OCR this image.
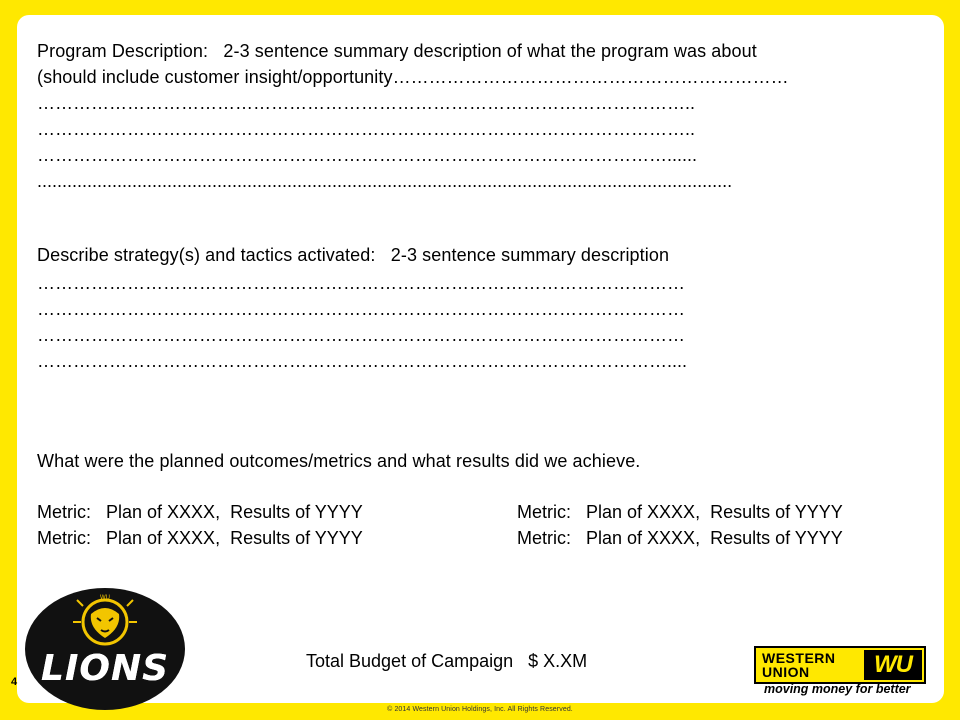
Program Description: 2-3 sentence summary description of what the program was about

(should include customer insight/opportunity…………………………………………………………

………………………………………………………………………………………………..

………………………………………………………………………………………………..

……………………………………………………………………………………………......

...........................................................................................................................................

Describe strategy(s) and tactics activated: 2-3 sentence summary description

………………………………………………………………………………………………

………………………………………………………………………………………………

………………………………………………………………………………………………

……………………………………………………………………………………………....

What were the planned outcomes/metrics and what results did we achieve.

Metric:   Plan of XXXX,  Results of YYYY	Metric:   Plan of XXXX,  Results of YYYY
Metric:   Plan of XXXX,  Results of YYYY	Metric:   Plan of XXXX,  Results of YYYY
Total Budget of Campaign   $ X.XM
WU
LIONS
4
WESTERN
UNION	WU
moving money for better
© 2014 Western Union Holdings, Inc. All Rights Reserved.
